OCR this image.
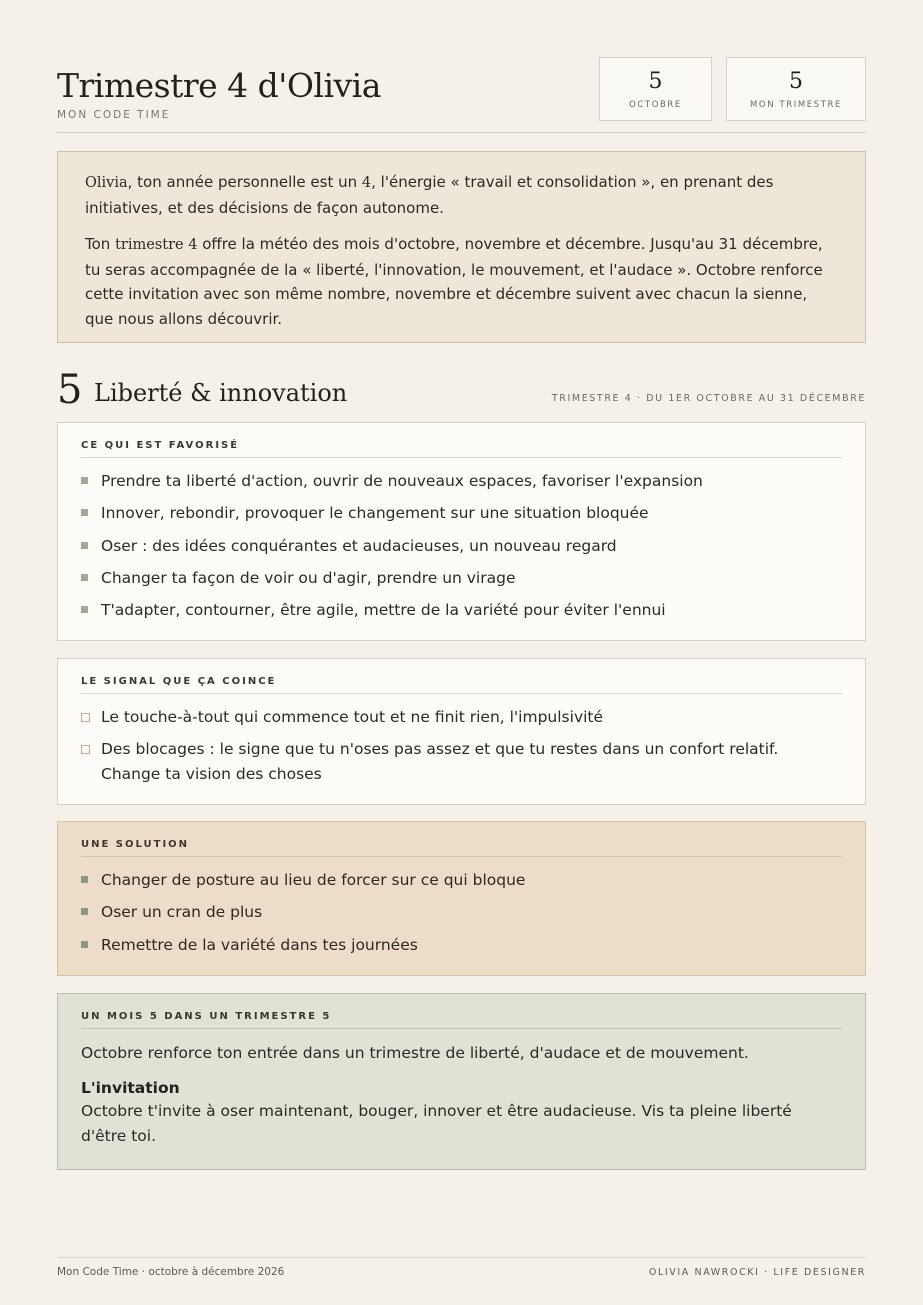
Trimestre 4 d'Olivia
MON CODE TIME
5
OCTOBRE
5
MON TRIMESTRE

Olivia, ton année personnelle est un 4, l'énergie « travail et consolidation », en prenant des initiatives, et des décisions de façon autonome.

Ton trimestre 4 offre la météo des mois d'octobre, novembre et décembre. Jusqu'au 31 décembre, tu seras accompagnée de la « liberté, l'innovation, le mouvement, et l'audace ». Octobre renforce cette invitation avec son même nombre, novembre et décembre suivent avec chacun la sienne, que nous allons découvrir.

5 Liberté & innovation	TRIMESTRE 4 · DU 1ER OCTOBRE AU 31 DÉCEMBRE
CE QUI EST FAVORISÉ
Prendre ta liberté d'action, ouvrir de nouveaux espaces, favoriser l'expansion
Innover, rebondir, provoquer le changement sur une situation bloquée
Oser : des idées conquérantes et audacieuses, un nouveau regard
Changer ta façon de voir ou d'agir, prendre un virage
T'adapter, contourner, être agile, mettre de la variété pour éviter l'ennui
LE SIGNAL QUE ÇA COINCE
Le touche-à-tout qui commence tout et ne finit rien, l'impulsivité
Des blocages : le signe que tu n'oses pas assez et que tu restes dans un confort relatif. Change ta vision des choses
UNE SOLUTION
Changer de posture au lieu de forcer sur ce qui bloque
Oser un cran de plus
Remettre de la variété dans tes journées
UN MOIS 5 DANS UN TRIMESTRE 5
Octobre renforce ton entrée dans un trimestre de liberté, d'audace et de mouvement.
L'invitation
Octobre t'invite à oser maintenant, bouger, innover et être audacieuse. Vis ta pleine liberté d'être toi.
Mon Code Time · octobre à décembre 2026	OLIVIA NAWROCKI · LIFE DESIGNER
